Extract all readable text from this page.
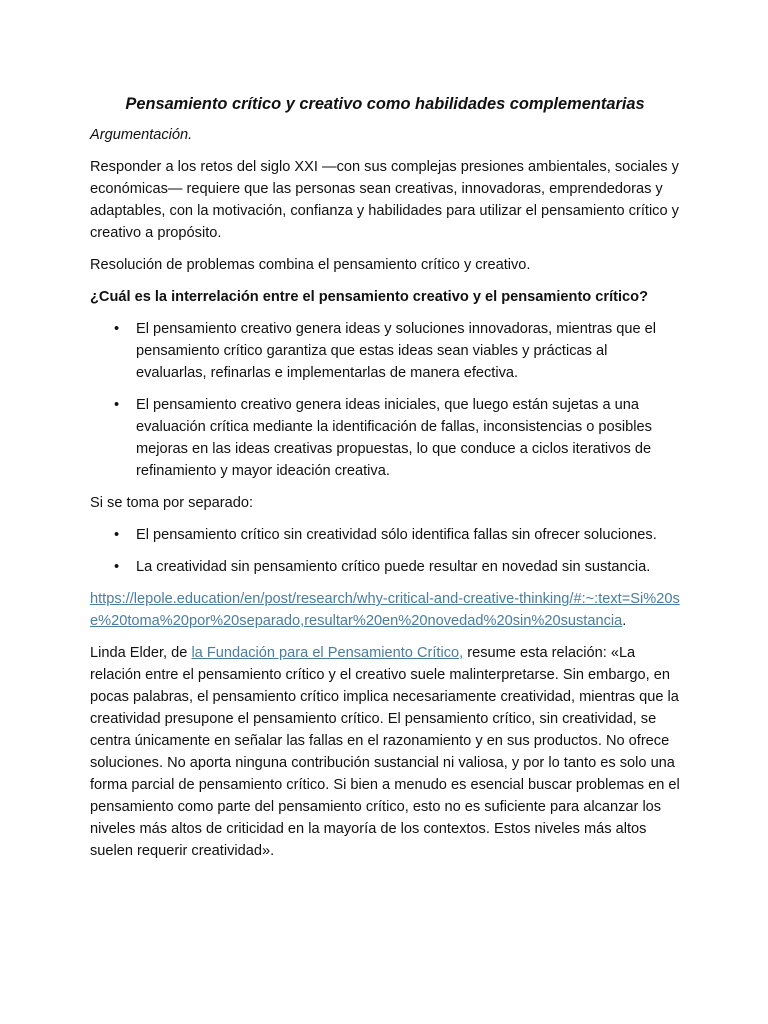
Pensamiento crítico y creativo como habilidades complementarias
Argumentación.

Responder a los retos del siglo XXI —con sus complejas presiones ambientales, sociales y económicas— requiere que las personas sean creativas, innovadoras, emprendedoras y adaptables, con la motivación, confianza y habilidades para utilizar el pensamiento crítico y creativo a propósito.

Resolución de problemas combina el pensamiento crítico y creativo.

¿Cuál es la interrelación entre el pensamiento creativo y el pensamiento crítico?

• El pensamiento creativo genera ideas y soluciones innovadoras, mientras que el pensamiento crítico garantiza que estas ideas sean viables y prácticas al evaluarlas, refinarlas e implementarlas de manera efectiva.
• El pensamiento creativo genera ideas iniciales, que luego están sujetas a una evaluación crítica mediante la identificación de fallas, inconsistencias o posibles mejoras en las ideas creativas propuestas, lo que conduce a ciclos iterativos de refinamiento y mayor ideación creativa.

Si se toma por separado:

• El pensamiento crítico sin creatividad sólo identifica fallas sin ofrecer soluciones.
• La creatividad sin pensamiento crítico puede resultar en novedad sin sustancia.

https://lepole.education/en/post/research/why-critical-and-creative-thinking/#:~:text=Si%20se%20toma%20por%20separado,resultar%20en%20novedad%20sin%20sustancia.

Linda Elder, de la Fundación para el Pensamiento Crítico, resume esta relación: «La relación entre el pensamiento crítico y el creativo suele malinterpretarse. Sin embargo, en pocas palabras, el pensamiento crítico implica necesariamente creatividad, mientras que la creatividad presupone el pensamiento crítico. El pensamiento crítico, sin creatividad, se centra únicamente en señalar las fallas en el razonamiento y en sus productos. No ofrece soluciones. No aporta ninguna contribución sustancial ni valiosa, y por lo tanto es solo una forma parcial de pensamiento crítico. Si bien a menudo es esencial buscar problemas en el pensamiento como parte del pensamiento crítico, esto no es suficiente para alcanzar los niveles más altos de criticidad en la mayoría de los contextos. Estos niveles más altos suelen requerir creatividad».
